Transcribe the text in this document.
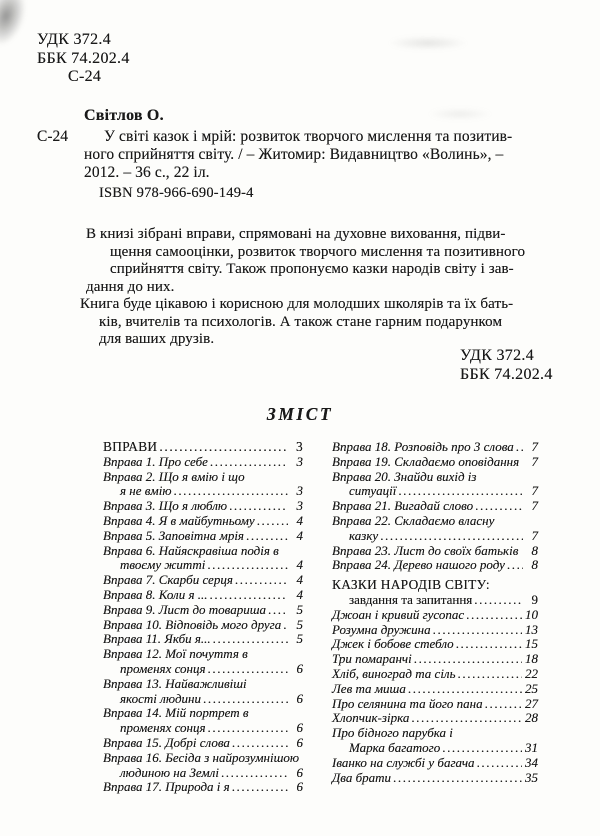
УДК 372.4
ББК 74.202.4
С-24
Світлов О.
С-24	У світі казок і мрій: розвиток творчого мислення та позитив-
ного сприйняття світу. / – Житомир: Видавництво «Волинь», –
2012. – 36 с., 22 іл.
ISBN 978-966-690-149-4
В книзі зібрані вправи, спрямовані на духовне виховання, підви-
щення самооцінки, розвиток творчого мислення та позитивного
сприйняття світу. Також пропонуємо казки народів світу і зав-
дання до них.
Книга буде цікавою і корисною для молодших школярів та їх бать-
ків, вчителів та психологів. А також стане гарним подарунком
для ваших друзів.
УДК 372.4
ББК 74.202.4
ЗМІСТ
ВПРАВИ .....	3
Вправа 1. Про себе .....	3
Вправа 2. Що я вмію і що
я не вмію .....	3
Вправа 3. Що я люблю .....	3
Вправа 4. Я в майбутньому .....	4
Вправа 5. Заповітна мрія .....	4
Вправа 6. Найяскравіша подія в
твоєму житті .....	4
Вправа 7. Скарби серця .....	4
Вправа 8. Коли я ... .....	4
Вправа 9. Лист до товариша .....	5
Вправа 10. Відповідь мого друга .....	5
Вправа 11. Якби я... .....	5
Вправа 12. Мої почуття в
променях сонця .....	6
Вправа 13. Найважливіші
якості людини .....	6
Вправа 14. Мій портрет в
променях сонця .....	6
Вправа 15. Добрі слова .....	6
Вправа 16. Бесіда з найрозумнішою
людиною на Землі .....	6
Вправа 17. Природа і я .....	6
Вправа 18. Розповідь про 3 слова .....	7
Вправа 19. Складаємо оповідання 7
Вправа 20. Знайди вихід із
ситуації .....	7
Вправа 21. Вигадай слово .....	7
Вправа 22. Складаємо власну
казку .....	7
Вправа 23. Лист до своїх батьків	8
Вправа 24. Дерево нашого роду .....	8
КАЗКИ НАРОДІВ СВІТУ:
завдання та запитання .....	9
Джоан і кривий гусопас .....	10
Розумна дружина .....	13
Джек і бобове стебло .....	15
Три помаранчі .....	18
Хліб, виноград та сіль .....	22
Лев та миша .....	25
Про селянина та його пана .....	27
Хлопчик-зірка .....	28
Про бідного парубка і
Марка багатого .....	31
Іванко на службі у багача .....	34
Два брати .....	35
